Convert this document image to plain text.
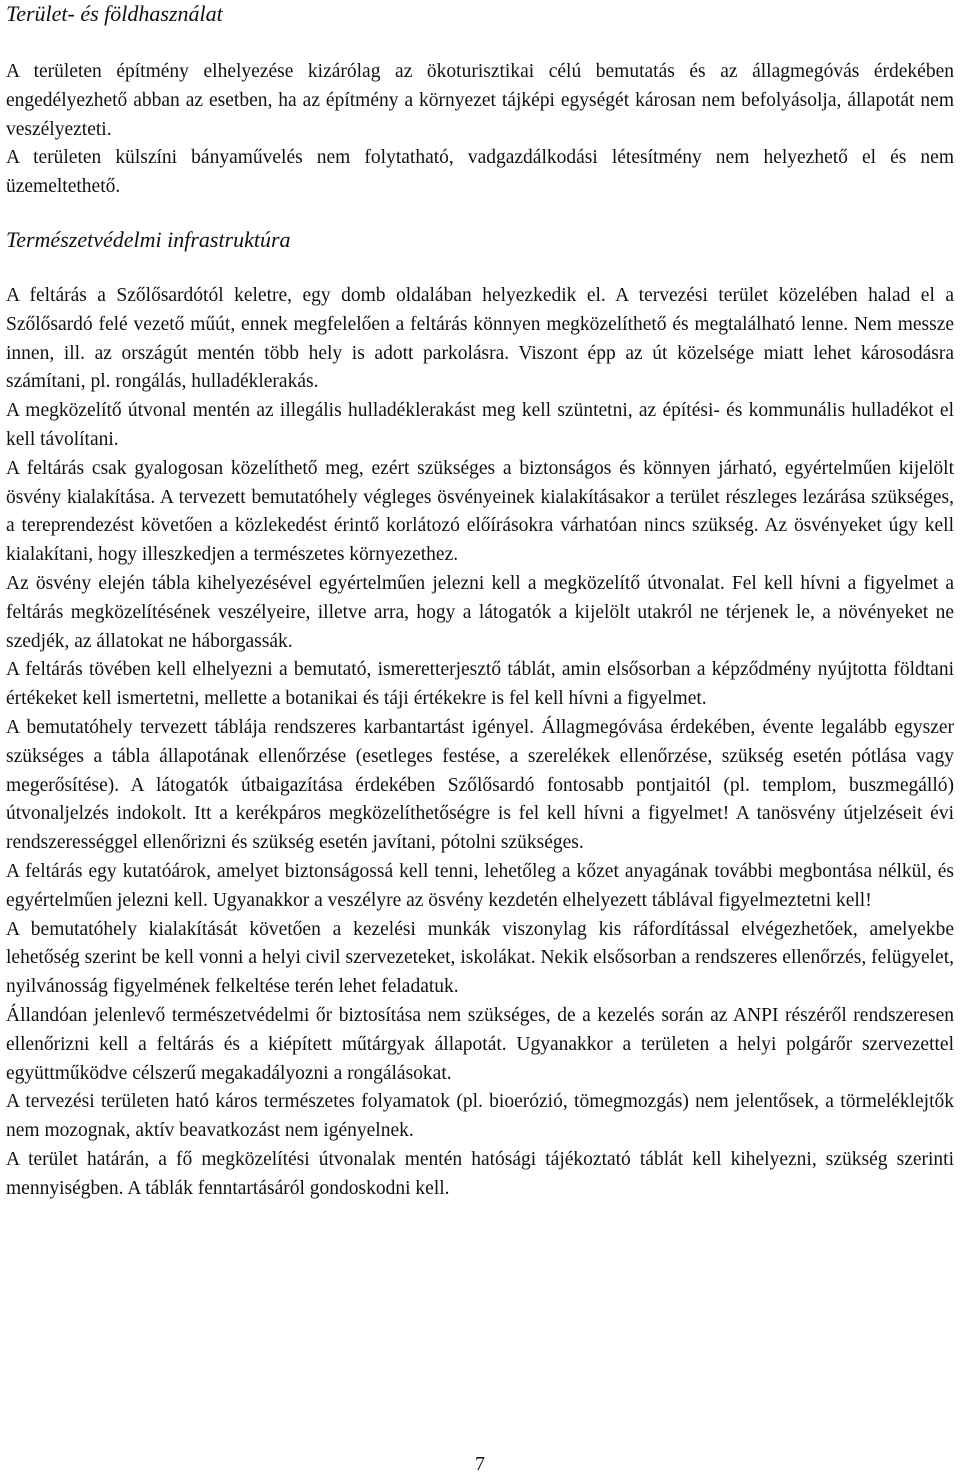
Terület- és földhasználat

A területen építmény elhelyezése kizárólag az ökoturisztikai célú bemutatás és az állagmegóvás érdekében engedélyezhető abban az esetben, ha az építmény a környezet tájképi egységét károsan nem befolyásolja, állapotát nem veszélyezteti.

A területen külszíni bányaművelés nem folytatható, vadgazdálkodási létesítmény nem helyezhető el és nem üzemeltethető.

Természetvédelmi infrastruktúra

A feltárás a Szőlősardótól keletre, egy domb oldalában helyezkedik el. A tervezési terület közelében halad el a Szőlősardó felé vezető műút, ennek megfelelően a feltárás könnyen megközelíthető és megtalálható lenne. Nem messze innen, ill. az országút mentén több hely is adott parkolásra. Viszont épp az út közelsége miatt lehet károsodásra számítani, pl. rongálás, hulladéklerakás.

A megközelítő útvonal mentén az illegális hulladéklerakást meg kell szüntetni, az építési- és kommunális hulladékot el kell távolítani.

A feltárás csak gyalogosan közelíthető meg, ezért szükséges a biztonságos és könnyen járható, egyértelműen kijelölt ösvény kialakítása. A tervezett bemutatóhely végleges ösvényeinek kialakításakor a terület részleges lezárása szükséges, a tereprendezést követően a közlekedést érintő korlátozó előírásokra várhatóan nincs szükség. Az ösvényeket úgy kell kialakítani, hogy illeszkedjen a természetes környezethez.

Az ösvény elején tábla kihelyezésével egyértelműen jelezni kell a megközelítő útvonalat. Fel kell hívni a figyelmet a feltárás megközelítésének veszélyeire, illetve arra, hogy a látogatók a kijelölt utakról ne térjenek le, a növényeket ne szedjék, az állatokat ne háborgassák.

A feltárás tövében kell elhelyezni a bemutató, ismeretterjesztő táblát, amin elsősorban a képződmény nyújtotta földtani értékeket kell ismertetni, mellette a botanikai és táji értékekre is fel kell hívni a figyelmet.

A bemutatóhely tervezett táblája rendszeres karbantartást igényel. Állagmegóvása érdekében, évente legalább egyszer szükséges a tábla állapotának ellenőrzése (esetleges festése, a szerelékek ellenőrzése, szükség esetén pótlása vagy megerősítése). A látogatók útbaigazítása érdekében Szőlősardó fontosabb pontjaitól (pl. templom, buszmegálló) útvonaljelzés indokolt. Itt a kerékpáros megközelíthetőségre is fel kell hívni a figyelmet! A tanösvény útjelzéseit évi rendszerességgel ellenőrizni és szükség esetén javítani, pótolni szükséges.

A feltárás egy kutatóárok, amelyet biztonságossá kell tenni, lehetőleg a kőzet anyagának további megbontása nélkül, és egyértelműen jelezni kell. Ugyanakkor a veszélyre az ösvény kezdetén elhelyezett táblával figyelmeztetni kell!

A bemutatóhely kialakítását követően a kezelési munkák viszonylag kis ráfordítással elvégezhetőek, amelyekbe lehetőség szerint be kell vonni a helyi civil szervezeteket, iskolákat. Nekik elsősorban a rendszeres ellenőrzés, felügyelet, nyilvánosság figyelmének felkeltése terén lehet feladatuk.

Állandóan jelenlevő természetvédelmi őr biztosítása nem szükséges, de a kezelés során az ANPI részéről rendszeresen ellenőrizni kell a feltárás és a kiépített műtárgyak állapotát. Ugyanakkor a területen a helyi polgárőr szervezettel együttműködve célszerű megakadályozni a rongálásokat.

A tervezési területen ható káros természetes folyamatok (pl. bioerózió, tömegmozgás) nem jelentősek, a törmeléklejtők nem mozognak, aktív beavatkozást nem igényelnek.

A terület határán, a fő megközelítési útvonalak mentén hatósági tájékoztató táblát kell kihelyezni, szükség szerinti mennyiségben. A táblák fenntartásáról gondoskodni kell.

7
